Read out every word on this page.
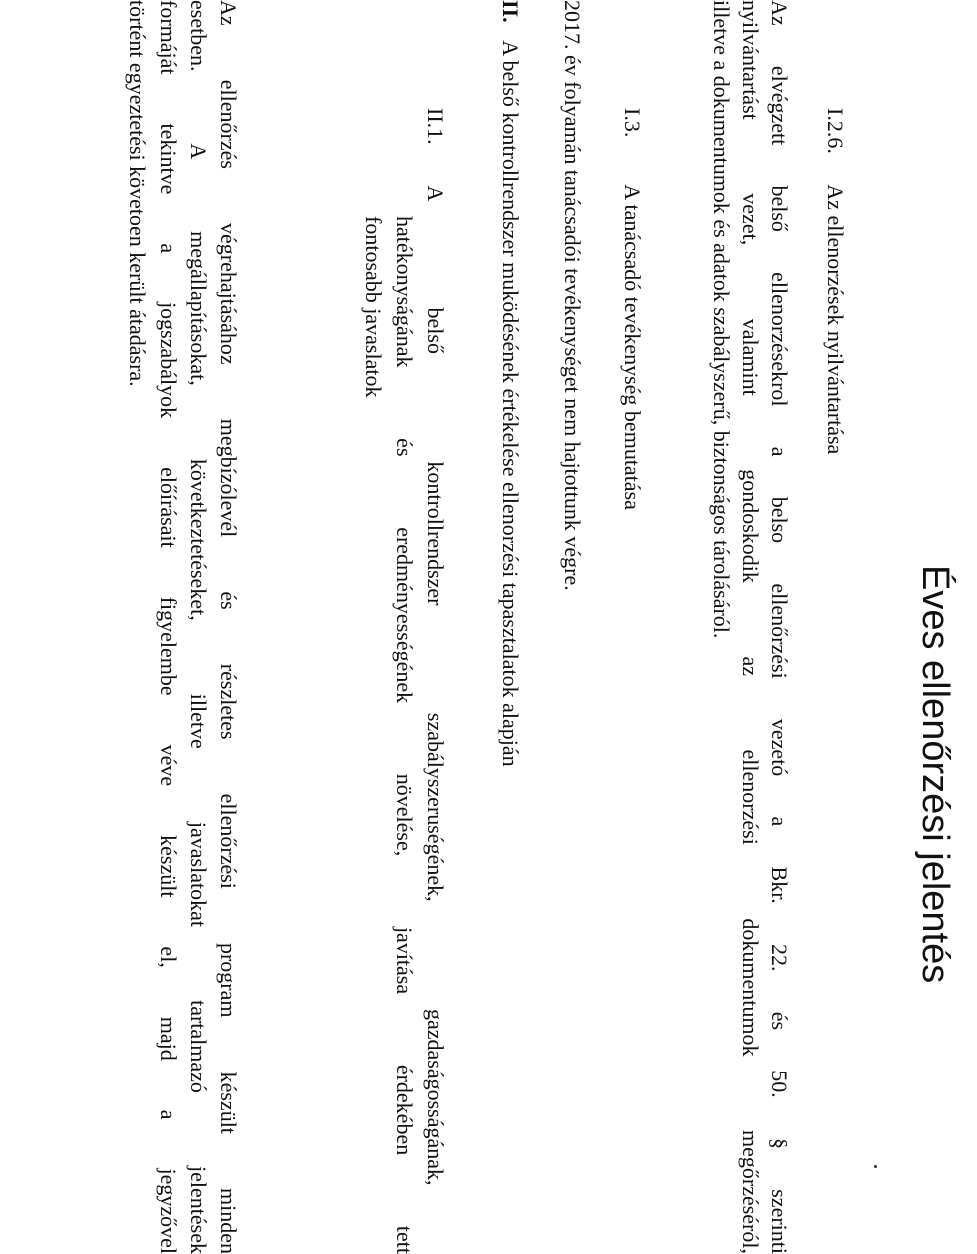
Éves ellenőrzési jelentés
I.2.6. Az ellenorzések nyilvántartása
Az elvégzett belső ellenorzésekrol a belso ellenőrzési vezetó a Bkr. 22. és 50. § szerinti
nyilvántartást vezet, valamint gondoskodik az ellenorzési dokumentumok megőrzéséról,
illetve a dokumentumok és adatok szabályszerű, biztonságos tárolásáról.
I.3. A tanácsadó tevékenység bemutatása
2017. év folyamán tanácsadói tevékenységet nem hajtottunk végre.
II. A belső kontrollrendszer muködésének értékelése ellenorzési tapasztalatok alapján
II.1. A belső kontrollrendszer szabályszeruségének, gazdaságosságának,
hatékonyságának és eredményességének növelése, javítása érdekében tett
fontosabb javaslatok
Az ellenőrzés végrehajtásához megbízólevél és részletes ellenőrzési program készült minden
esetben. A megállapításokat, következtetéseket, illetve javaslatokat tartalmazó jelentések
formáját tekintve a jogszabályok előírásait figyelembe véve készült el, majd a jegyzővel
történt egyeztetési követoen került átadásra.
